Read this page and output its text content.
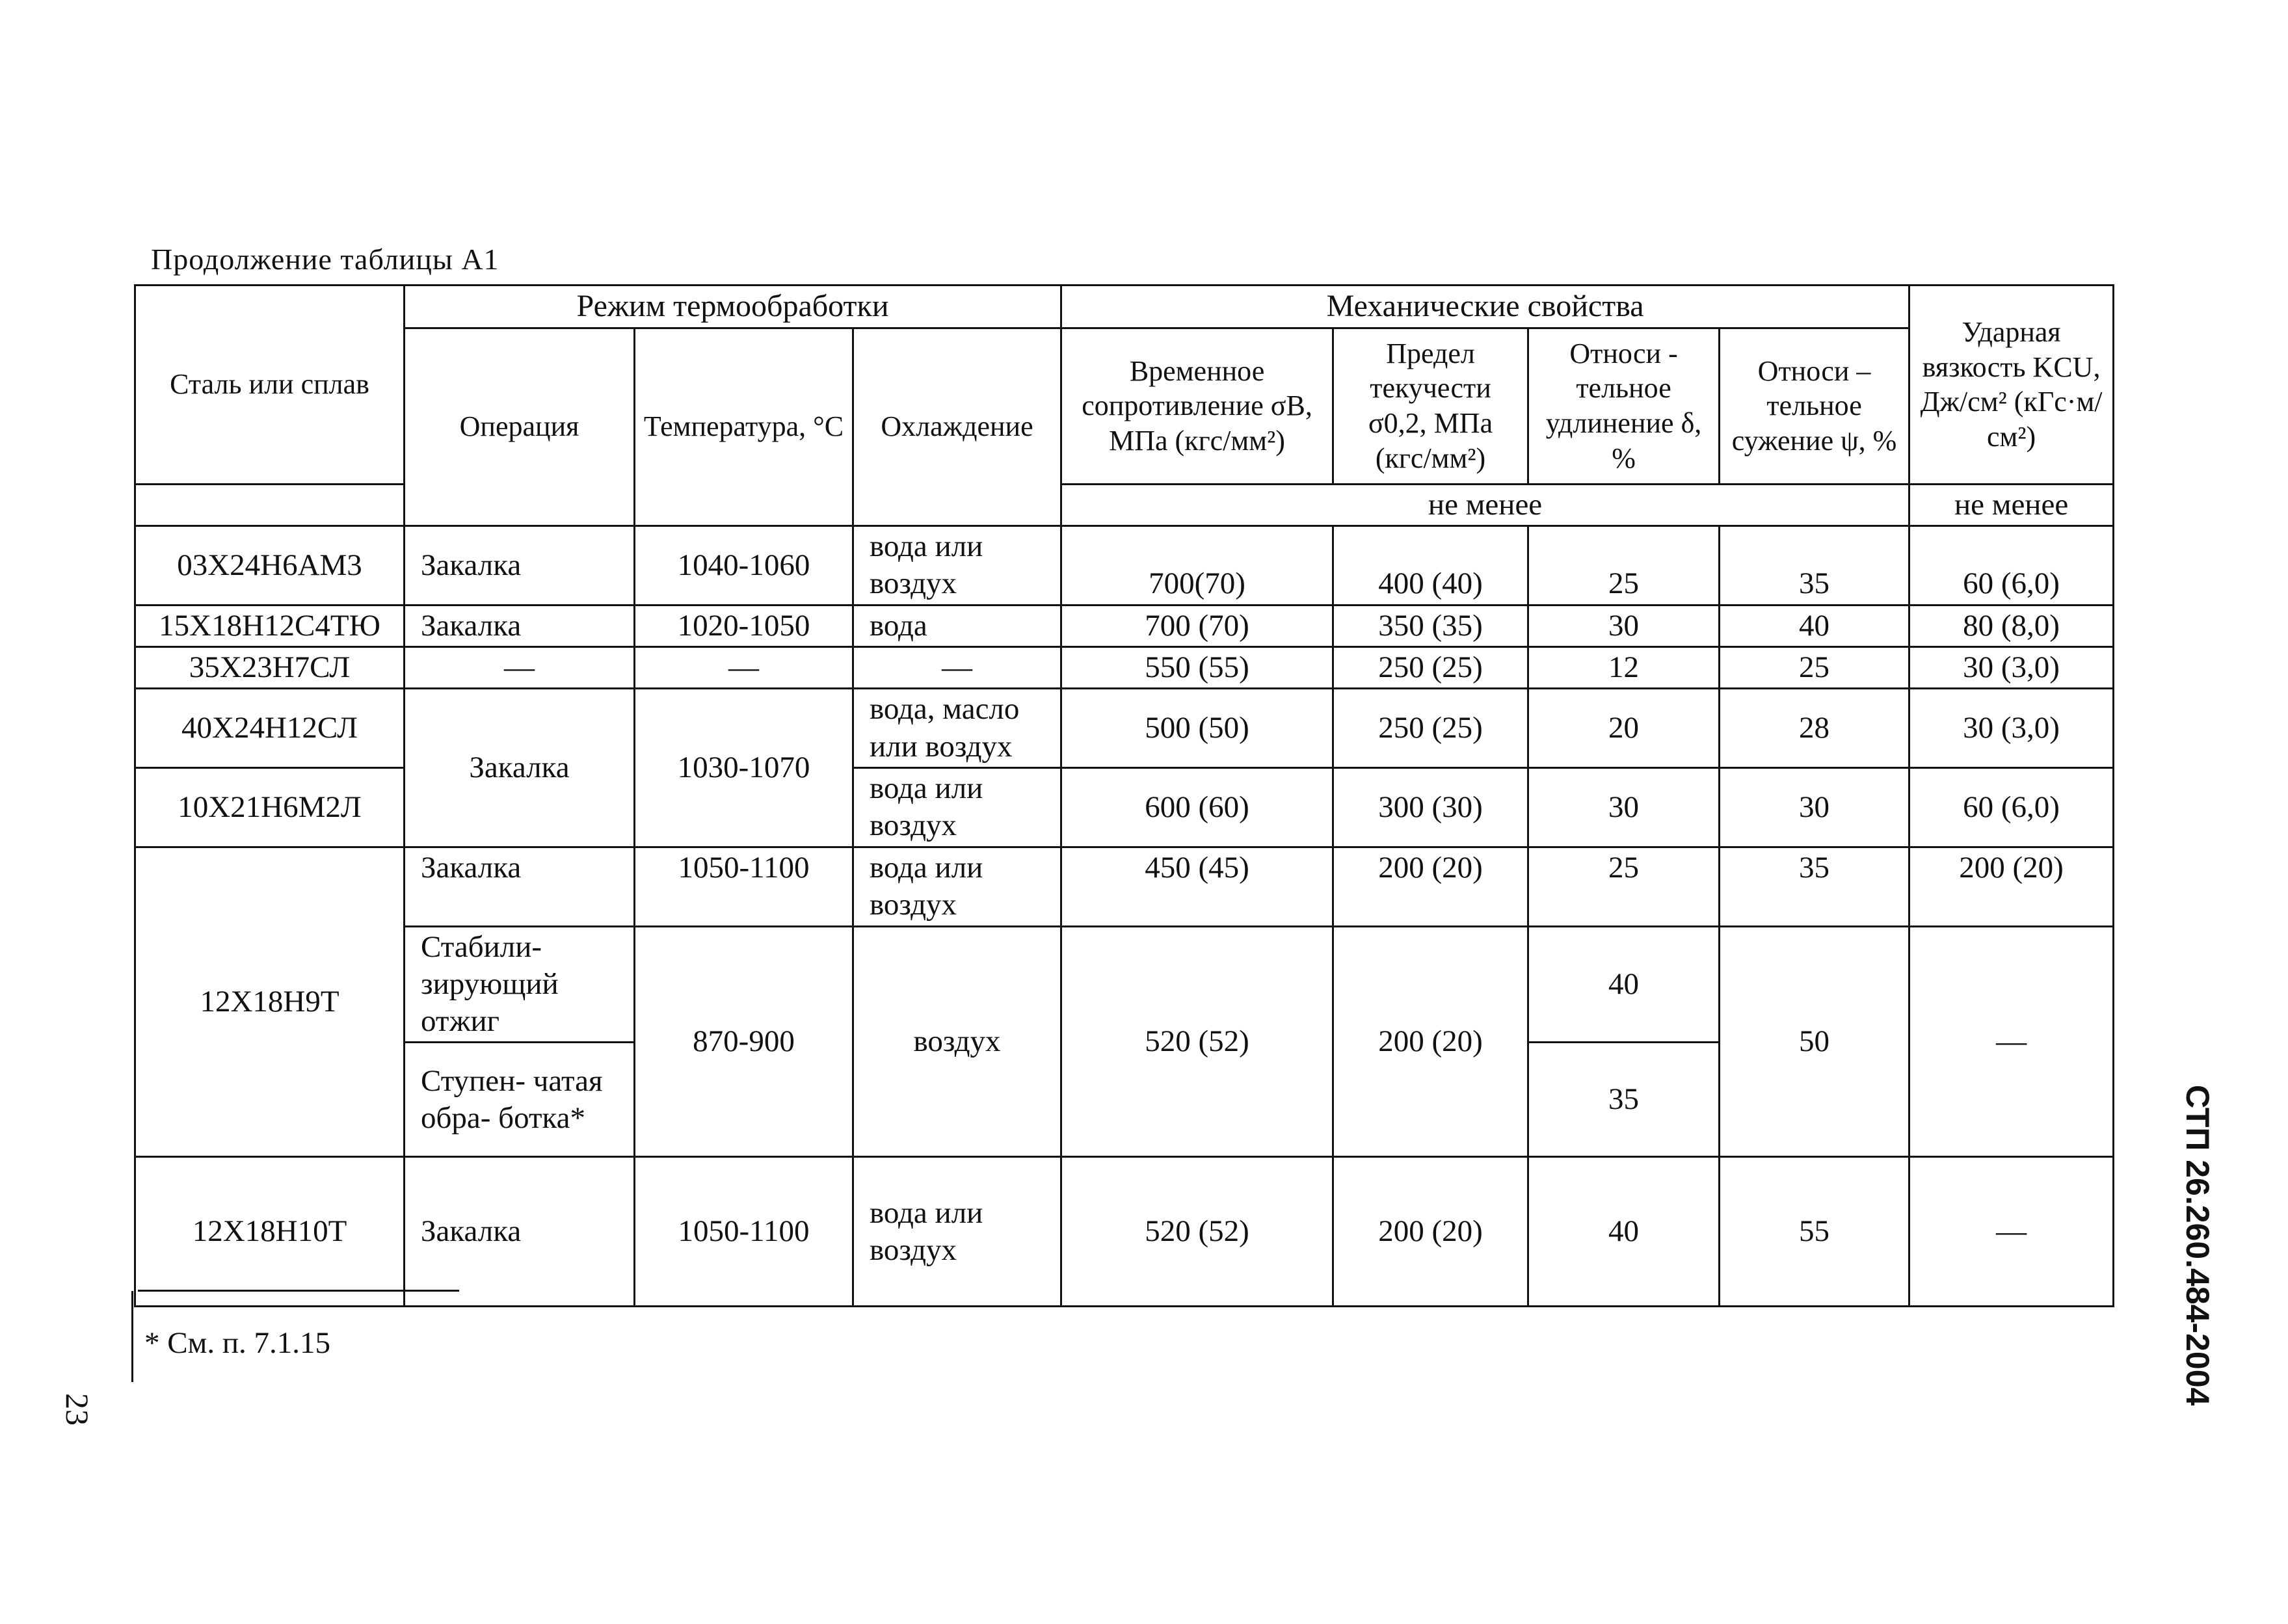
Продолжение таблицы А1
Сталь или сплав	Режим термообработки			Механические свойства				Ударная вязкость KCU, Дж/см² (кГс·м/см²)
	Операция	Температура, °С	Охлаждение	Временное сопротивление σВ, МПа (кгс/мм²)	Предел текучести σ0,2, МПа (кгс/мм²)	Относи - тельное удлинение δ, %	Относи – тельное сужение ψ, %	
				не менее				не менее
03Х24Н6АМ3	Закалка	1040-1060	вода или воздух	700(70)	400 (40)	25	35	60 (6,0)
15Х18Н12С4ТЮ	Закалка	1020-1050	вода	700 (70)	350 (35)	30	40	80 (8,0)
35Х23Н7СЛ	—	—	—	550 (55)	250 (25)	12	25	30 (3,0)
40Х24Н12СЛ	Закалка	1030-1070	вода, масло или воздух	500 (50)	250 (25)	20	28	30 (3,0)
10Х21Н6М2Л			вода или воздух	600 (60)	300 (30)	30	30	60 (6,0)
12Х18Н9Т	Закалка	1050-1100	вода или воздух	450 (45)	200 (20)	25	35	200 (20)
	Стабили- зирующий отжиг	870-900	воздух	520 (52)	200 (20)	40	50	—
	Ступен- чатая обра- ботка*					35		

12Х18Н10Т	Закалка	1050-1100	вода или воздух	520 (52)	200 (20)	40	55	—
* См. п. 7.1.15
23
СТП 26.260.484-2004
